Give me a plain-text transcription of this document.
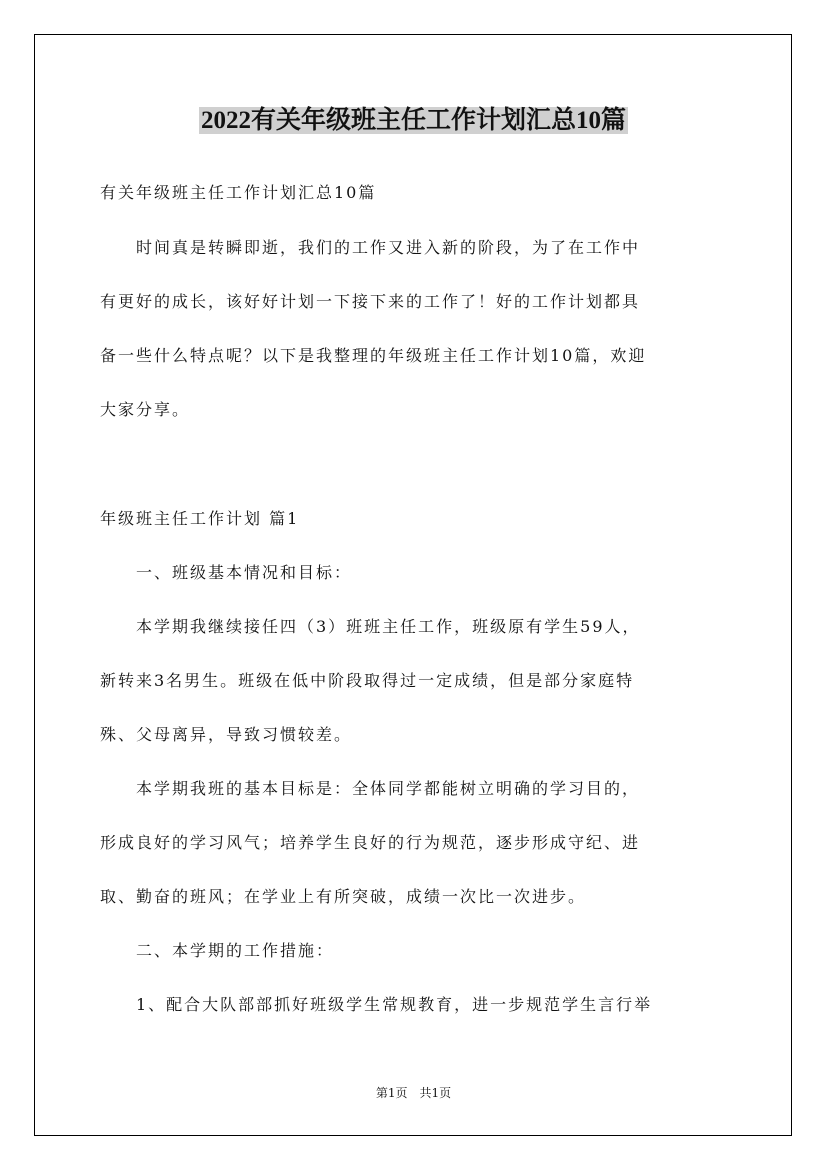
2022有关年级班主任工作计划汇总10篇

有关年级班主任工作计划汇总10篇

　　时间真是转瞬即逝，我们的工作又进入新的阶段，为了在工作中

有更好的成长，该好好计划一下接下来的工作了！好的工作计划都具

备一些什么特点呢？以下是我整理的年级班主任工作计划10篇，欢迎

大家分享。

年级班主任工作计划 篇1

　　一、班级基本情况和目标：

　　本学期我继续接任四（3）班班主任工作，班级原有学生59人，

新转来3名男生。班级在低中阶段取得过一定成绩，但是部分家庭特

殊、父母离异，导致习惯较差。

　　本学期我班的基本目标是：全体同学都能树立明确的学习目的，

形成良好的学习风气；培养学生良好的行为规范，逐步形成守纪、进

取、勤奋的班风；在学业上有所突破，成绩一次比一次进步。

　　二、本学期的工作措施：

　　1、配合大队部部抓好班级学生常规教育，进一步规范学生言行举

第1页　共1页
